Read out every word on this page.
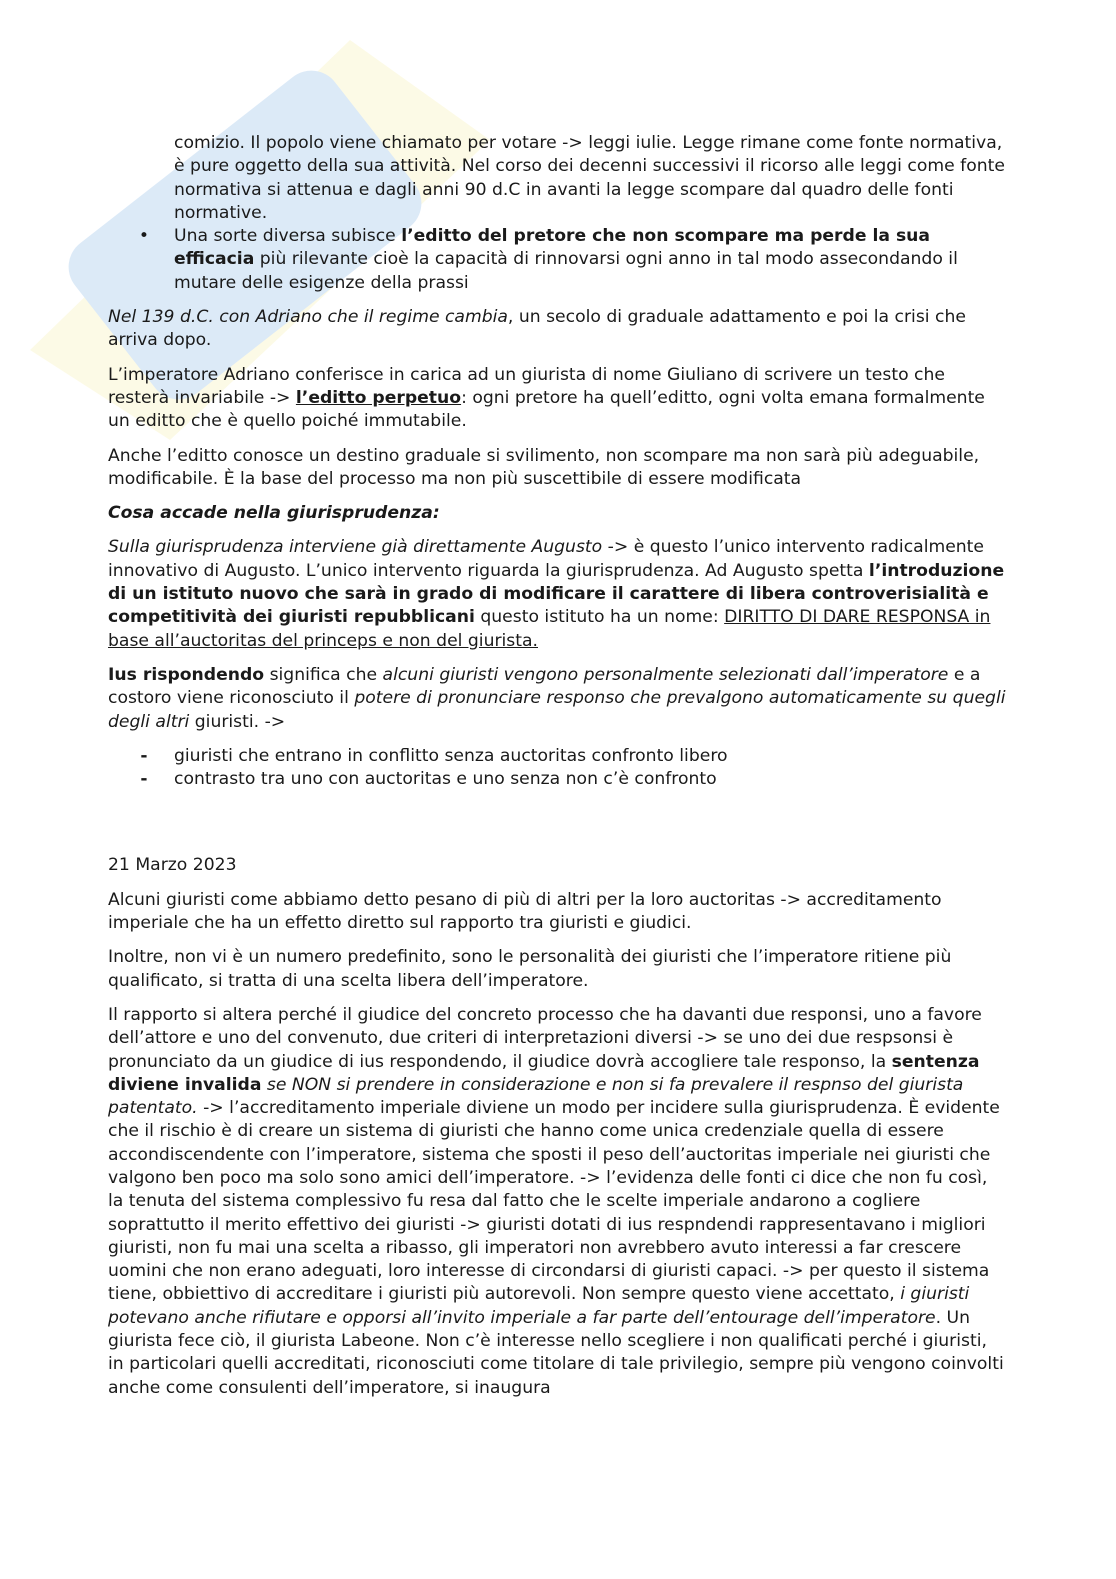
comizio. Il popolo viene chiamato per votare -> leggi iulie. Legge rimane come fonte normativa, è pure oggetto della sua attività. Nel corso dei decenni successivi il ricorso alle leggi come fonte normativa si attenua e dagli anni 90 d.C in avanti la legge scompare dal quadro delle fonti normative.

• Una sorte diversa subisce l’editto del pretore che non scompare ma perde la sua efficacia più rilevante cioè la capacità di rinnovarsi ogni anno in tal modo assecondando il mutare delle esigenze della prassi

Nel 139 d.C. con Adriano che il regime cambia, un secolo di graduale adattamento e poi la crisi che arriva dopo.

L’imperatore Adriano conferisce in carica ad un giurista di nome Giuliano di scrivere un testo che resterà invariabile -> l’editto perpetuo: ogni pretore ha quell’editto, ogni volta emana formalmente un editto che è quello poiché immutabile.

Anche l’editto conosce un destino graduale si svilimento, non scompare ma non sarà più adeguabile, modificabile. È la base del processo ma non più suscettibile di essere modificata

Cosa accade nella giurisprudenza:

Sulla giurisprudenza interviene già direttamente Augusto -> è questo l’unico intervento radicalmente innovativo di Augusto. L’unico intervento riguarda la giurisprudenza. Ad Augusto spetta l’introduzione di un istituto nuovo che sarà in grado di modificare il carattere di libera controverisialità e competitività dei giuristi repubblicani questo istituto ha un nome: DIRITTO DI DARE RESPONSA in base all’auctoritas del princeps e non del giurista.

Ius rispondendo significa che alcuni giuristi vengono personalmente selezionati dall’imperatore e a costoro viene riconosciuto il potere di pronunciare responso che prevalgono automaticamente su quegli degli altri giuristi. ->

- giuristi che entrano in conflitto senza auctoritas confronto libero

- contrasto tra uno con auctoritas e uno senza non c’è confronto

21 Marzo 2023

Alcuni giuristi come abbiamo detto pesano di più di altri per la loro auctoritas -> accreditamento imperiale che ha un effetto diretto sul rapporto tra giuristi e giudici.

Inoltre, non vi è un numero predefinito, sono le personalità dei giuristi che l’imperatore ritiene più qualificato, si tratta di una scelta libera dell’imperatore.

Il rapporto si altera perché il giudice del concreto processo che ha davanti due responsi, uno a favore dell’attore e uno del convenuto, due criteri di interpretazioni diversi -> se uno dei due respsonsi è pronunciato da un giudice di ius respondendo, il giudice dovrà accogliere tale responso, la sentenza diviene invalida se NON si prendere in considerazione e non si fa prevalere il respnso del giurista patentato. -> l’accreditamento imperiale diviene un modo per incidere sulla giurisprudenza. È evidente che il rischio è di creare un sistema di giuristi che hanno come unica credenziale quella di essere accondiscendente con l’imperatore, sistema che sposti il peso dell’auctoritas imperiale nei giuristi che valgono ben poco ma solo sono amici dell’imperatore. -> l’evidenza delle fonti ci dice che non fu così, la tenuta del sistema complessivo fu resa dal fatto che le scelte imperiale andarono a cogliere soprattutto il merito effettivo dei giuristi -> giuristi dotati di ius respndendi rappresentavano i migliori giuristi, non fu mai una scelta a ribasso, gli imperatori non avrebbero avuto interessi a far crescere uomini che non erano adeguati, loro interesse di circondarsi di giuristi capaci. -> per questo il sistema tiene, obbiettivo di accreditare i giuristi più autorevoli. Non sempre questo viene accettato, i giuristi potevano anche rifiutare e opporsi all’invito imperiale a far parte dell’entourage dell’imperatore. Un giurista fece ciò, il giurista Labeone. Non c’è interesse nello scegliere i non qualificati perché i giuristi, in particolari quelli accreditati, riconosciuti come titolare di tale privilegio, sempre più vengono coinvolti anche come consulenti dell’imperatore, si inaugura
